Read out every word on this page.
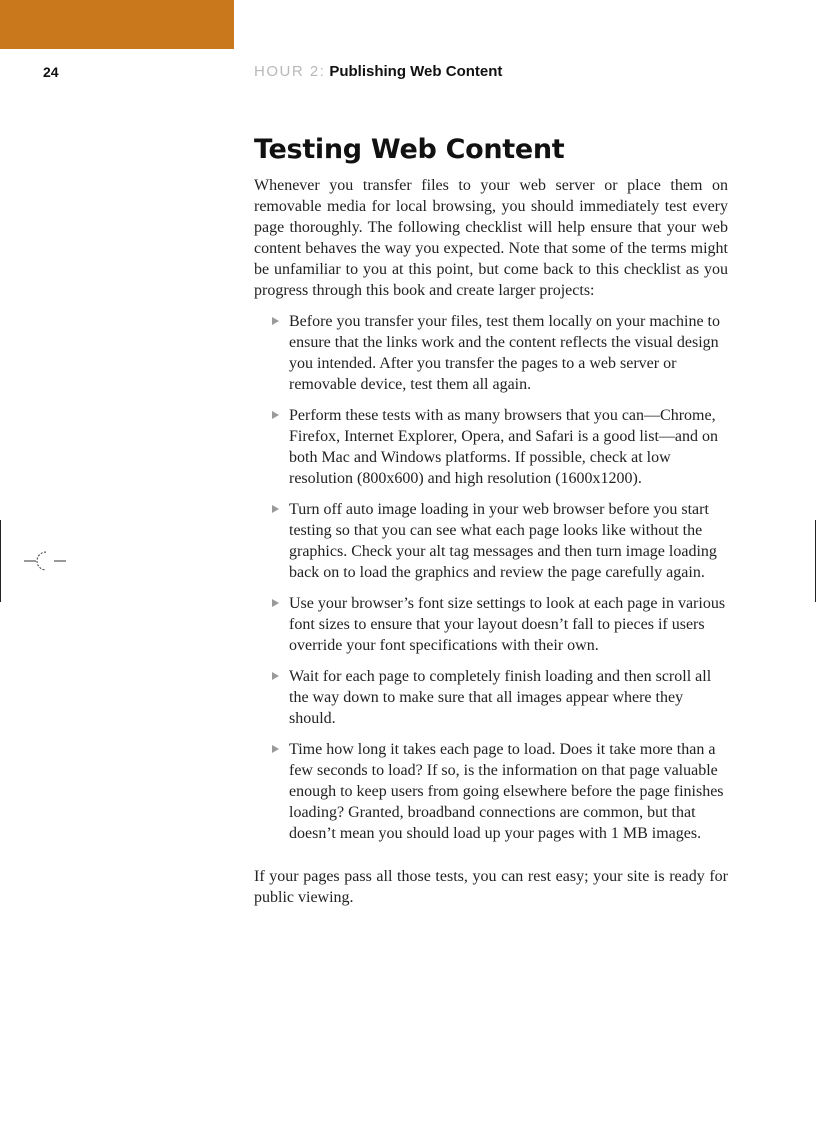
24	HOUR 2: Publishing Web Content
Testing Web Content

Whenever you transfer files to your web server or place them on removable media for local browsing, you should immediately test every page thoroughly. The following checklist will help ensure that your web content behaves the way you expected. Note that some of the terms might be unfamiliar to you at this point, but come back to this checklist as you progress through this book and create larger projects:

Before you transfer your files, test them locally on your machine to ensure that the links work and the content reflects the visual design you intended. After you transfer the pages to a web server or removable device, test them all again.
Perform these tests with as many browsers that you can—Chrome, Firefox, Internet Explorer, Opera, and Safari is a good list—and on both Mac and Windows platforms. If possible, check at low resolution (800x600) and high resolution (1600x1200).
Turn off auto image loading in your web browser before you start testing so that you can see what each page looks like without the graphics. Check your alt tag messages and then turn image loading back on to load the graphics and review the page carefully again.
Use your browser’s font size settings to look at each page in various font sizes to ensure that your layout doesn’t fall to pieces if users override your font specifications with their own.
Wait for each page to completely finish loading and then scroll all the way down to make sure that all images appear where they should.
Time how long it takes each page to load. Does it take more than a few seconds to load? If so, is the information on that page valuable enough to keep users from going elsewhere before the page finishes loading? Granted, broadband connections are common, but that doesn’t mean you should load up your pages with 1 MB images.

If your pages pass all those tests, you can rest easy; your site is ready for public viewing.
